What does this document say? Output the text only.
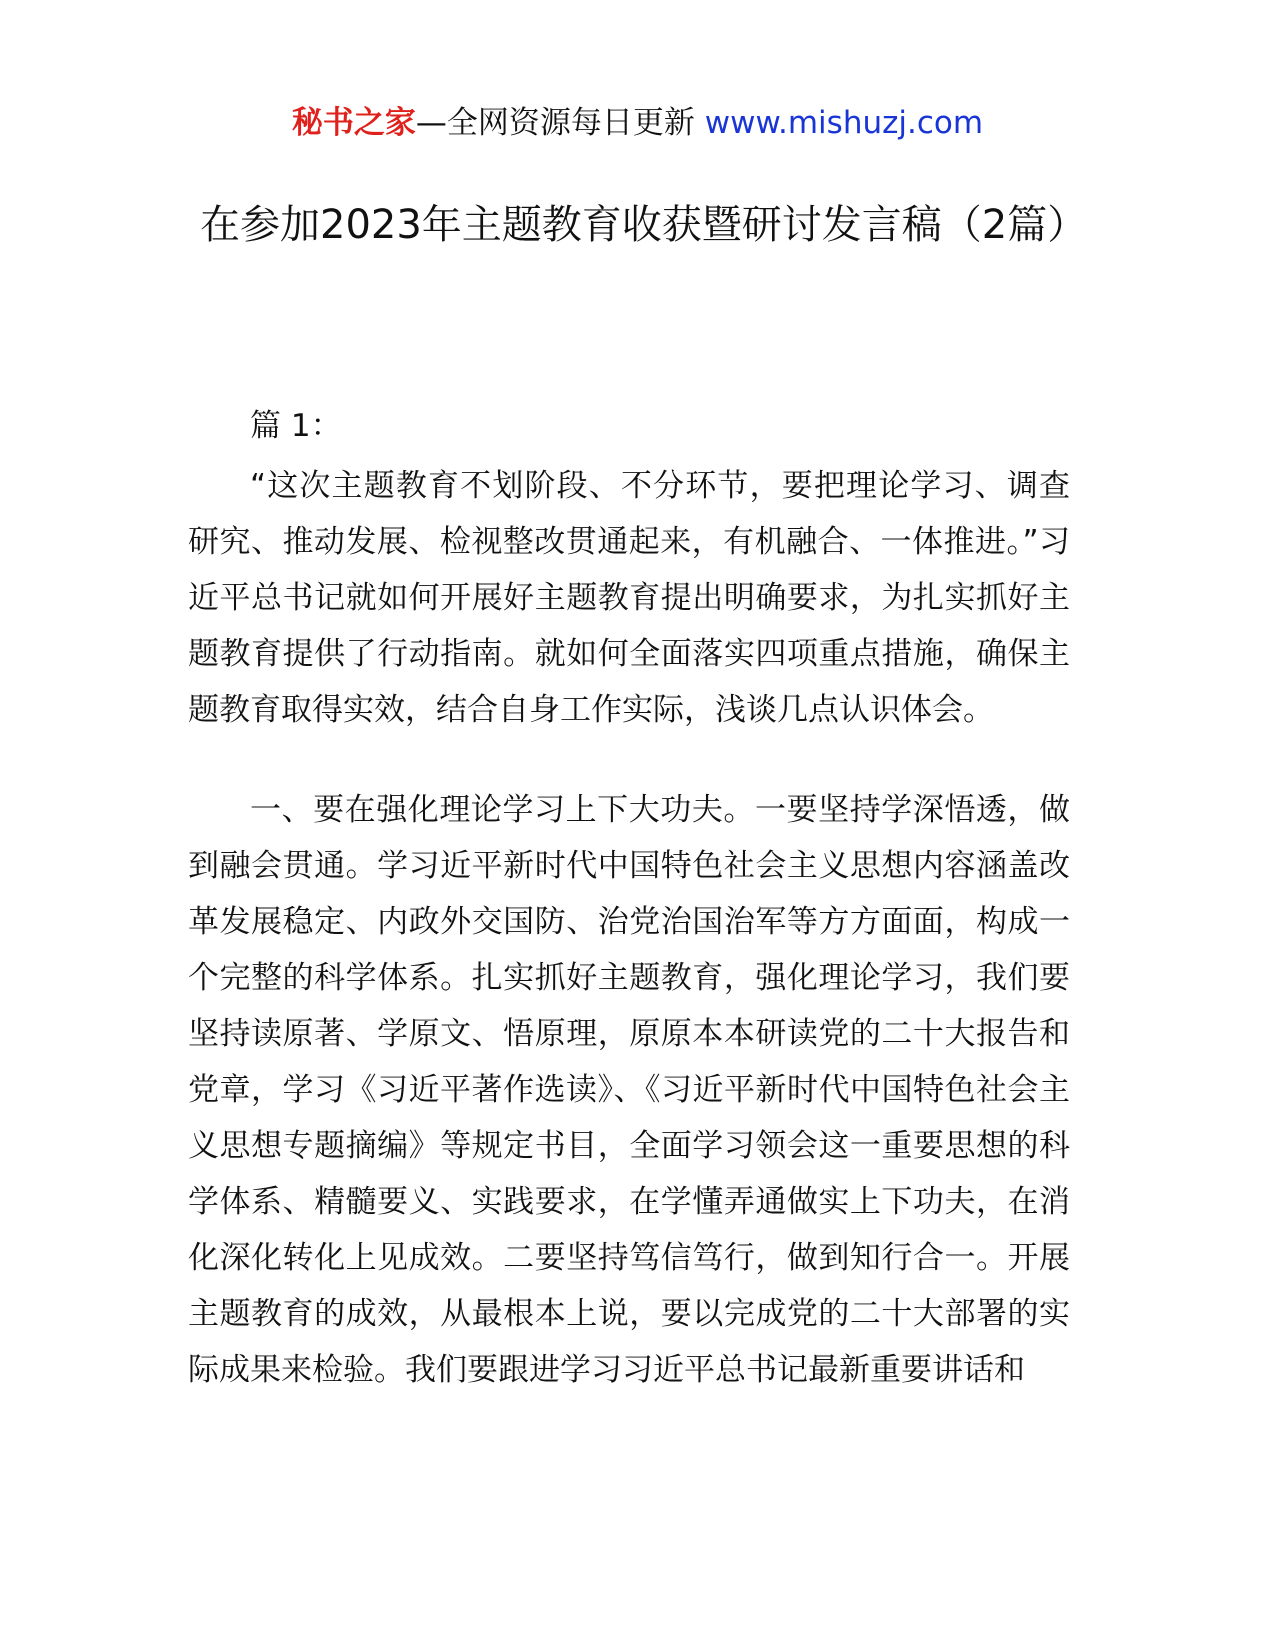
秘书之家—全网资源每日更新 www.mishuzj.com
在参加2023年主题教育收获暨研讨发言稿（2篇）

篇 1：

“这次主题教育不划阶段、不分环节，要把理论学习、调查研究、推动发展、检视整改贯通起来，有机融合、一体推进。”习近平总书记就如何开展好主题教育提出明确要求，为扎实抓好主题教育提供了行动指南。就如何全面落实四项重点措施，确保主题教育取得实效，结合自身工作实际，浅谈几点认识体会。

一、要在强化理论学习上下大功夫。一要坚持学深悟透，做到融会贯通。学习近平新时代中国特色社会主义思想内容涵盖改革发展稳定、内政外交国防、治党治国治军等方方面面，构成一个完整的科学体系。扎实抓好主题教育，强化理论学习，我们要坚持读原著、学原文、悟原理，原原本本研读党的二十大报告和党章，学习《习近平著作选读》、《习近平新时代中国特色社会主义思想专题摘编》等规定书目，全面学习领会这一重要思想的科学体系、精髓要义、实践要求，在学懂弄通做实上下功夫，在消化深化转化上见成效。二要坚持笃信笃行，做到知行合一。开展主题教育的成效，从最根本上说，要以完成党的二十大部署的实际成果来检验。我们要跟进学习习近平总书记最新重要讲话和
